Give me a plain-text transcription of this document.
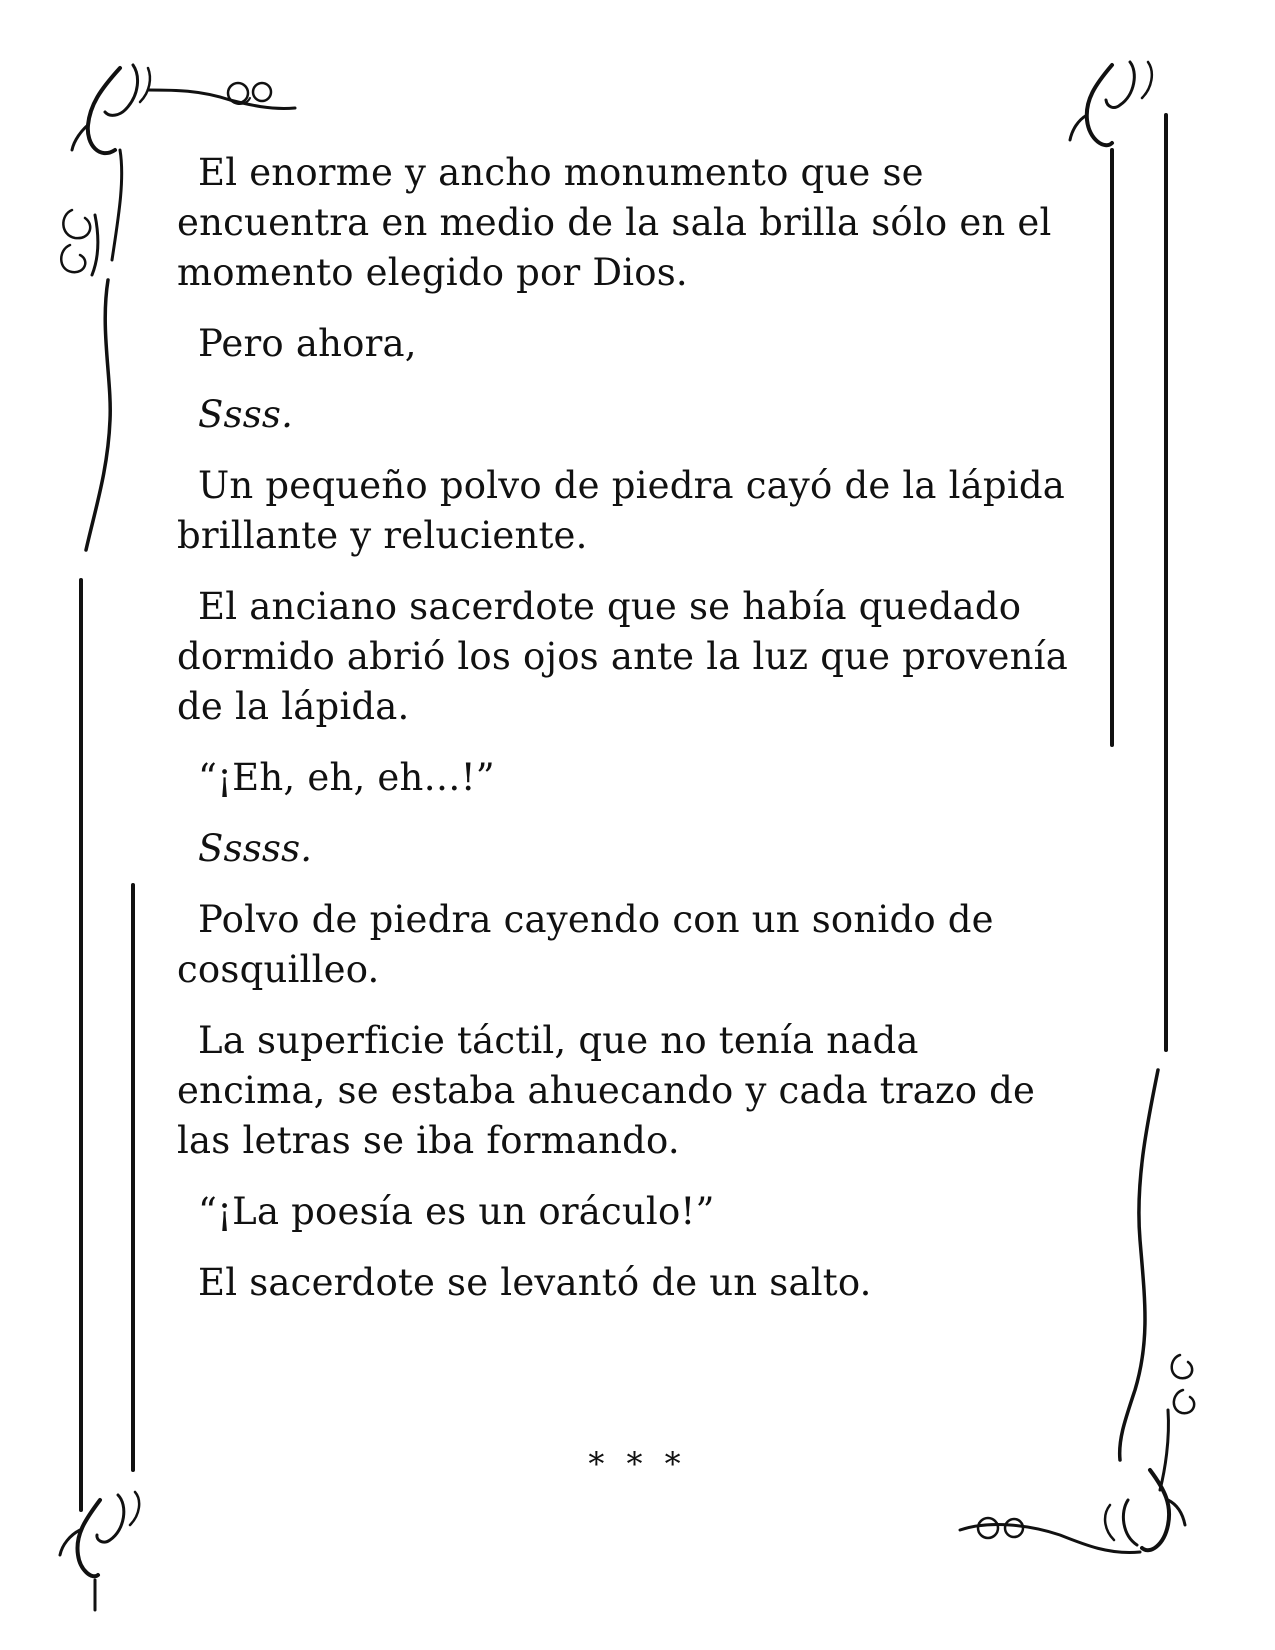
El enorme y ancho monumento que se encuentra en medio de la sala brilla sólo en el momento elegido por Dios.

Pero ahora,

Ssss.

Un pequeño polvo de piedra cayó de la lápida brillante y reluciente.

El anciano sacerdote que se había quedado dormido abrió los ojos ante la luz que provenía de la lápida.

“¡Eh, eh, eh…!”

Sssss.

Polvo de piedra cayendo con un sonido de cosquilleo.

La superficie táctil, que no tenía nada encima, se estaba ahuecando y cada trazo de las letras se iba formando.

“¡La poesía es un oráculo!”

El sacerdote se levantó de un salto.

* * *
